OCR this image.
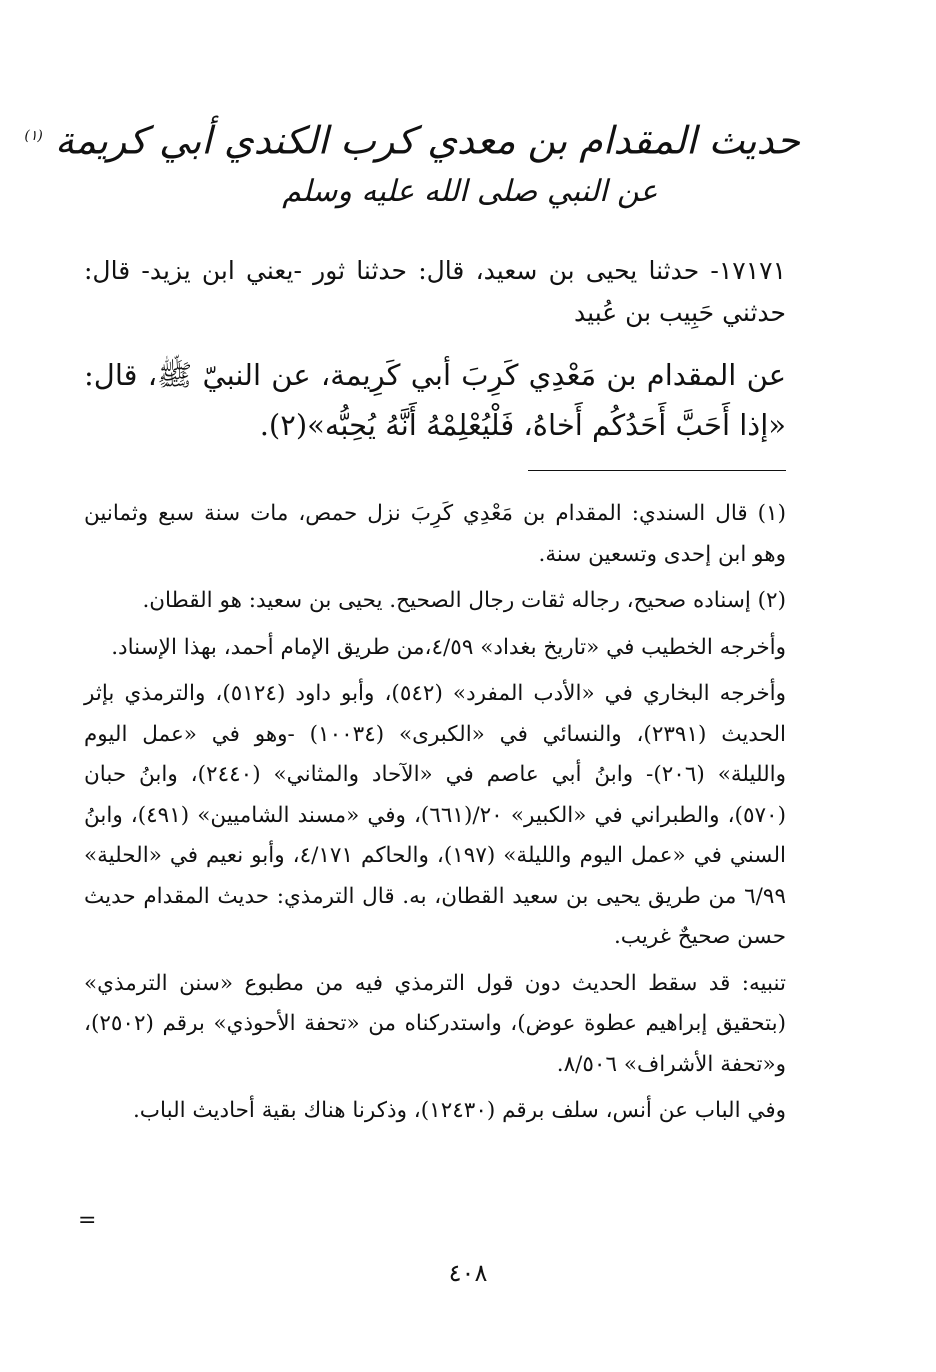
حديث المقدام بن معدي كرب الكندي أبي كريمة $^{(١)}$
عن النبي صلى الله عليه وسلم
١٧١٧١- حدثنا يحيى بن سعيد، قال: حدثنا ثور -يعني ابن يزيد- قال: حدثني حَبِيب بن عُبيد
عن المقدام بن مَعْدِي كَرِبَ أبي كَرِيمة، عن النبيّ ﷺ، قال: «إذا أَحَبَّ أَحَدُكُم أَخاهُ، فَلْيُعْلِمْهُ أَنَّهُ يُحِبُّه»(٢).

(١) قال السندي: المقدام بن مَعْدِي كَرِبَ نزل حمص، مات سنة سبع وثمانين وهو ابن إحدى وتسعين سنة.

(٢) إسناده صحيح، رجاله ثقات رجال الصحيح. يحيى بن سعيد: هو القطان.

وأخرجه الخطيب في «تاريخ بغداد» ٤/٥٩،من طريق الإمام أحمد، بهذا الإسناد.

وأخرجه البخاري في «الأدب المفرد» (٥٤٢)، وأبو داود (٥١٢٤)، والترمذي بإثر الحديث (٢٣٩١)، والنسائي في «الكبرى» (١٠٠٣٤) -وهو في «عمل اليوم والليلة» (٢٠٦)- وابنُ أبي عاصم في «الآحاد والمثاني» (٢٤٤٠)، وابنُ حبان (٥٧٠)، والطبراني في «الكبير» ٢٠/(٦٦١)، وفي «مسند الشاميين» (٤٩١)، وابنُ السني في «عمل اليوم والليلة» (١٩٧)، والحاكم ٤/١٧١، وأبو نعيم في «الحلية» ٦/٩٩ من طريق يحيى بن سعيد القطان، به. قال الترمذي: حديث المقدام حديث حسن صحيحٌ غريب.

تنبيه: قد سقط الحديث دون قول الترمذي فيه من مطبوع «سنن الترمذي» (بتحقيق إبراهيم عطوة عوض)، واستدركناه من «تحفة الأحوذي» برقم (٢٥٠٢)، و«تحفة الأشراف» ٨/٥٠٦.

وفي الباب عن أنس، سلف برقم (١٢٤٣٠)، وذكرنا هناك بقية أحاديث الباب.

=
٤٠٨
